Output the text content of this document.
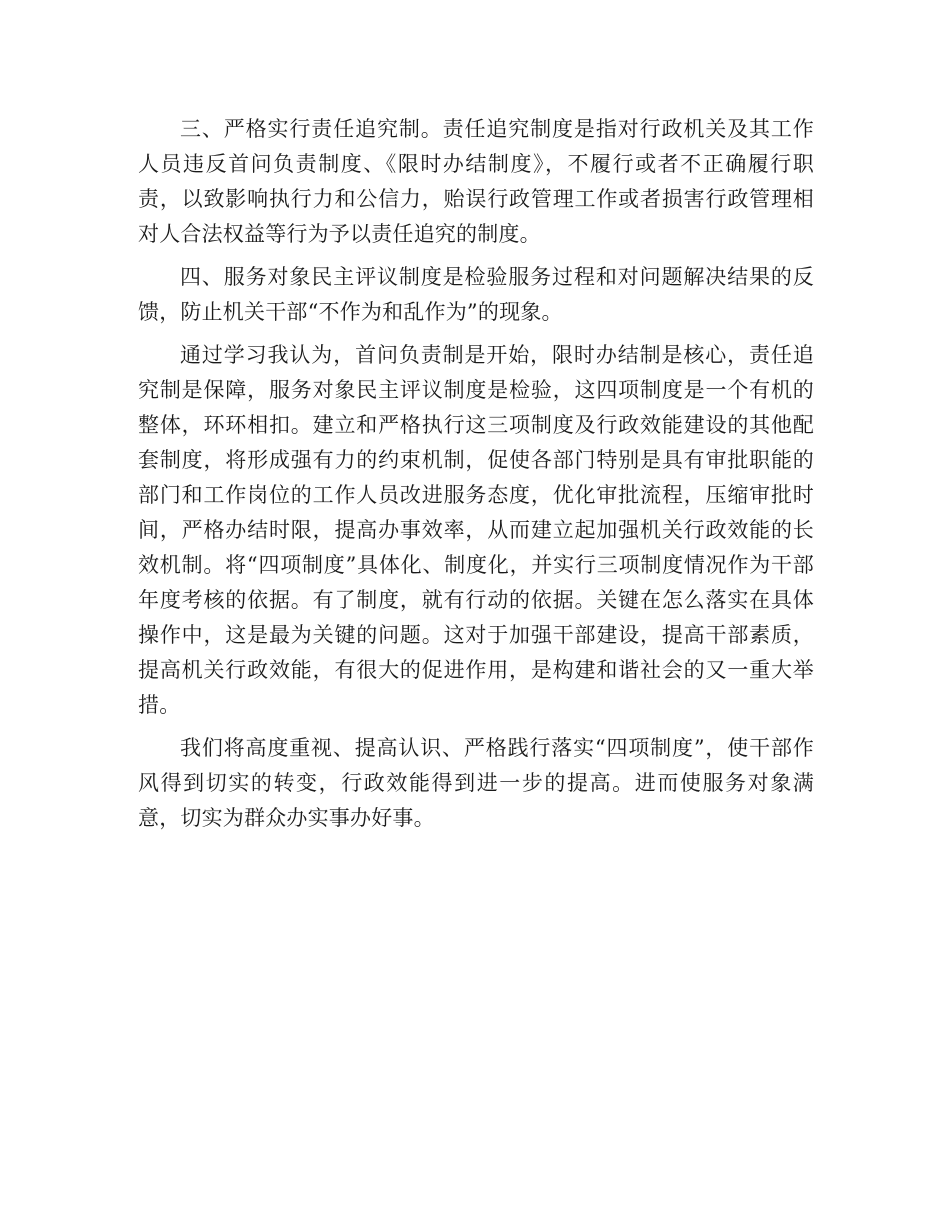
三、严格实行责任追究制。责任追究制度是指对行政机关及其工作人员违反首问负责制度、《限时办结制度》，不履行或者不正确履行职责，以致影响执行力和公信力，贻误行政管理工作或者损害行政管理相对人合法权益等行为予以责任追究的制度。

四、服务对象民主评议制度是检验服务过程和对问题解决结果的反馈，防止机关干部“不作为和乱作为”的现象。

通过学习我认为，首问负责制是开始，限时办结制是核心，责任追究制是保障，服务对象民主评议制度是检验，这四项制度是一个有机的整体，环环相扣。建立和严格执行这三项制度及行政效能建设的其他配套制度，将形成强有力的约束机制，促使各部门特别是具有审批职能的部门和工作岗位的工作人员改进服务态度，优化审批流程，压缩审批时间，严格办结时限，提高办事效率，从而建立起加强机关行政效能的长效机制。将“四项制度”具体化、制度化，并实行三项制度情况作为干部年度考核的依据。有了制度，就有行动的依据。关键在怎么落实在具体操作中，这是最为关键的问题。这对于加强干部建设，提高干部素质，提高机关行政效能，有很大的促进作用，是构建和谐社会的又一重大举措。

我们将高度重视、提高认识、严格践行落实“四项制度”，使干部作风得到切实的转变，行政效能得到进一步的提高。进而使服务对象满意，切实为群众办实事办好事。
